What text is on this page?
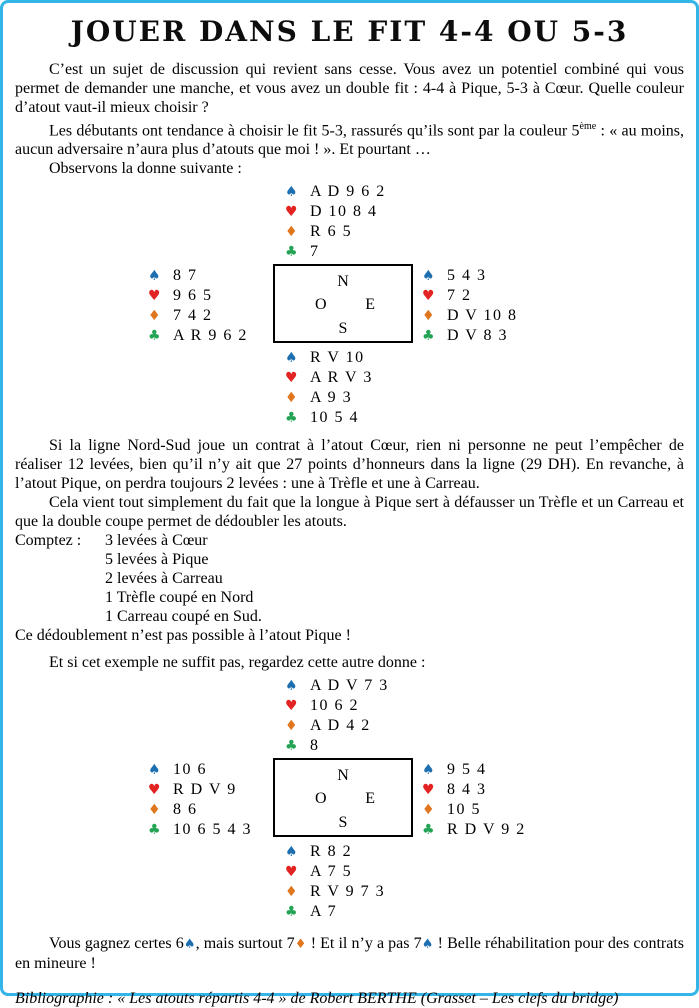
JOUER DANS LE FIT 4-4 OU 5-3

C’est un sujet de discussion qui revient sans cesse. Vous avez un potentiel combiné qui vous permet de demander une manche, et vous avez un double fit : 4-4 à Pique, 5-3 à Cœur. Quelle couleur d’atout vaut-il mieux choisir ?

Les débutants ont tendance à choisir le fit 5-3, rassurés qu’ils sont par la couleur 5ème : « au moins, aucun adversaire n’aura plus d’atouts que moi ! ». Et pourtant …

Observons la donne suivante :

♠ A D 9 6 2
♥ D 10 8 4
♦ R 6 5
♣ 7
♠ 8 7
♥ 9 6 5
♦ 7 4 2
♣ A R 9 6 2
N
O E
S
♠ 5 4 3
♥ 7 2
♦ D V 10 8
♣ D V 8 3
♠ R V 10
♥ A R V 3
♦ A 9 3
♣ 10 5 4

Si la ligne Nord-Sud joue un contrat à l’atout Cœur, rien ni personne ne peut l’empêcher de réaliser 12 levées, bien qu’il n’y ait que 27 points d’honneurs dans la ligne (29 DH). En revanche, à l’atout Pique, on perdra toujours 2 levées : une à Trèfle et une à Carreau.

Cela vient tout simplement du fait que la longue à Pique sert à défausser un Trèfle et un Carreau et que la double coupe permet de dédoubler les atouts.

Comptez :	3 levées à Cœur
5 levées à Pique
2 levées à Carreau
1 Trèfle coupé en Nord
1 Carreau coupé en Sud.

Ce dédoublement n’est pas possible à l’atout Pique !

Et si cet exemple ne suffit pas, regardez cette autre donne :

♠ A D V 7 3
♥ 10 6 2
♦ A D 4 2
♣ 8
♠ 10 6
♥ R D V 9
♦ 8 6
♣ 10 6 5 4 3
N
O E
S
♠ 9 5 4
♥ 8 4 3
♦ 10 5
♣ R D V 9 2
♠ R 8 2
♥ A 7 5
♦ R V 9 7 3
♣ A 7

Vous gagnez certes 6♠, mais surtout 7♦ ! Et il n’y a pas 7♠ ! Belle réhabilitation pour des contrats en mineure !

Bibliographie : « Les atouts répartis 4-4 » de Robert BERTHE (Grasset – Les clefs du bridge)
